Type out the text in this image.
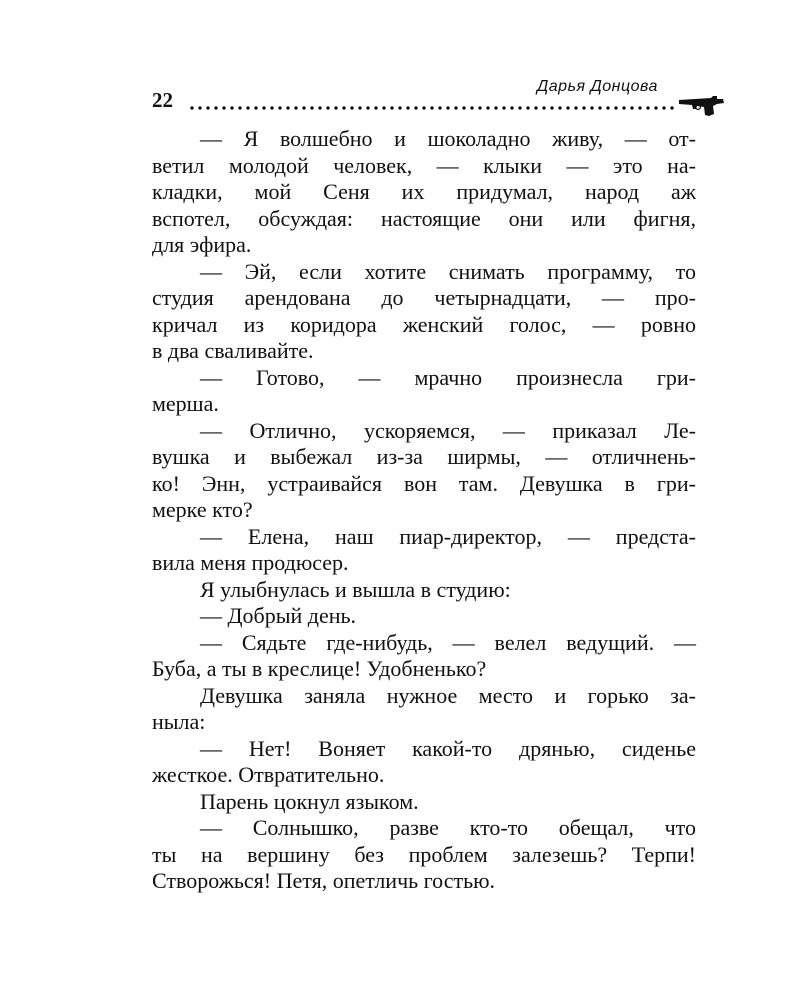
22
Дарья Донцова

— Я волшебно и шоколадно живу, — от-

ветил молодой человек, — клыки — это на-

кладки, мой Сеня их придумал, народ аж

вспотел, обсуждая: настоящие они или фигня,

для эфира.

— Эй, если хотите снимать программу, то

студия арендована до четырнадцати, — про-

кричал из коридора женский голос, — ровно

в два сваливайте.

— Готово, — мрачно произнесла гри-

мерша.

— Отлично, ускоряемся, — приказал Ле-

вушка и выбежал из-за ширмы, — отличнень-

ко! Энн, устраивайся вон там. Девушка в гри-

мерке кто?

— Елена, наш пиар-директор, — предста-

вила меня продюсер.

Я улыбнулась и вышла в студию:

— Добрый день.

— Сядьте где-нибудь, — велел ведущий. —

Буба, а ты в креслице! Удобненько?

Девушка заняла нужное место и горько за-

ныла:

— Нет! Воняет какой-то дрянью, сиденье

жесткое. Отвратительно.

Парень цокнул языком.

— Солнышко, разве кто-то обещал, что

ты на вершину без проблем залезешь? Терпи!

Створожься! Петя, опетличь гостью.
